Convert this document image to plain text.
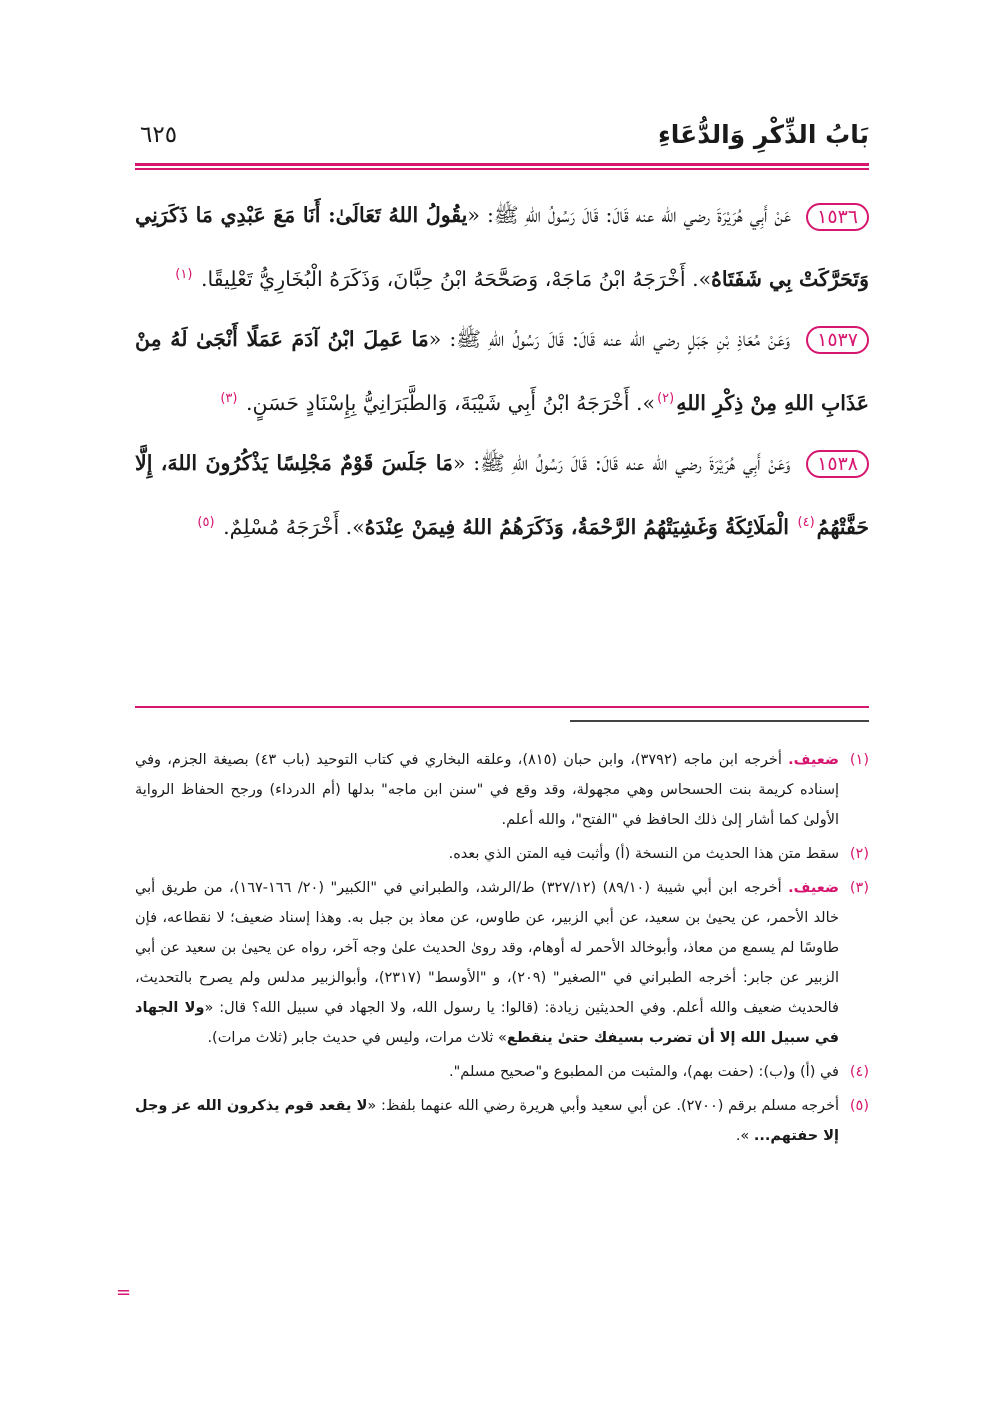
بَابُ الذِّكْرِ وَالدُّعَاءِ
٦٢٥

١٥٣٦ عَنْ أَبِي هُرَيْرَةَ رضي الله عنه قَالَ: قَالَ رَسُولُ اللهِ ﷺ: «يقُولُ اللهُ تَعَالَىٰ: أَنَا مَعَ عَبْدِي مَا ذَكَرَنِي وَتَحَرَّكَتْ بِي شَفَتَاهُ». أَخْرَجَهُ ابْنُ مَاجَهْ، وَصَحَّحَهُ ابْنُ حِبَّانَ، وَذَكَرَهُ الْبُخَارِيُّ تَعْلِيقًا. $^{(١)}$

١٥٣٧ وَعَنْ مُعَاذِ بْنِ جَبَلٍ رضي الله عنه قَالَ: قَالَ رَسُولُ اللهِ ﷺ: «مَا عَمِلَ ابْنُ آدَمَ عَمَلًا أَنْجَىٰ لَهُ مِنْ عَذَابِ اللهِ مِنْ ذِكْرِ اللهِ$^{(٢)}$». أَخْرَجَهُ ابْنُ أَبِي شَيْبَةَ، وَالطَّبَرَانِيُّ بِإِسْنَادٍ حَسَنٍ. $^{(٣)}$

١٥٣٨ وَعَنْ أَبِي هُرَيْرَةَ رضي الله عنه قَالَ: قَالَ رَسُولُ اللهِ ﷺ: «مَا جَلَسَ قَوْمٌ مَجْلِسًا يَذْكُرُونَ اللهَ، إِلَّا حَفَّتْهُمُ$^{(٤)}$ الْمَلَائِكَةُ وَغَشِيَتْهُمُ الرَّحْمَةُ، وَذَكَرَهُمُ اللهُ فِيمَنْ عِنْدَهُ». أَخْرَجَهُ مُسْلِمٌ. $^{(٥)}$

(١)
ضعيف. أخرجه ابن ماجه (٣٧٩٢)، وابن حبان (٨١٥)، وعلقه البخاري في كتاب التوحيد (باب ٤٣) بصيغة الجزم، وفي إسناده كريمة بنت الحسحاس وهي مجهولة، وقد وقع في "سنن ابن ماجه" بدلها (أم الدرداء) ورجح الحفاظ الرواية الأولىٰ كما أشار إلىٰ ذلك الحافظ في "الفتح"، والله أعلم.

(٢)
سقط متن هذا الحديث من النسخة (أ) وأثبت فيه المتن الذي بعده.

(٣)
ضعيف. أخرجه ابن أبي شيبة (٨٩/١٠) (٣٢٧/١٢) ط/الرشد، والطبراني في "الكبير" (٢٠/ ١٦٦-١٦٧)، من طريق أبي خالد الأحمر، عن يحيىٰ بن سعيد، عن أبي الزبير، عن طاوس، عن معاذ بن جبل به. وهذا إسناد ضعيف؛ لا نقطاعه، فإن طاوسًا لم يسمع من معاذ، وأبوخالد الأحمر له أوهام، وقد روىٰ الحديث علىٰ وجه آخر، رواه عن يحيىٰ بن سعيد عن أبي الزبير عن جابر: أخرجه الطبراني في "الصغير" (٢٠٩)، و "الأوسط" (٢٣١٧)، وأبوالزبير مدلس ولم يصرح بالتحديث، فالحديث ضعيف والله أعلم. وفي الحديثين زيادة: (قالوا: يا رسول الله، ولا الجهاد في سبيل الله؟ قال: «ولا الجهاد في سبيل الله إلا أن تضرب بسيفك حتىٰ ينقطع» ثلاث مرات، وليس في حديث جابر (ثلاث مرات).

(٤)
في (أ) و(ب): (حفت بهم)، والمثبت من المطبوع و"صحيح مسلم".

(٥)
أخرجه مسلم برقم (٢٧٠٠). عن أبي سعيد وأبي هريرة رضي الله عنهما بلفظ: «لا يقعد قوم يذكرون الله عز وجل إلا حفتهم... ».

=
